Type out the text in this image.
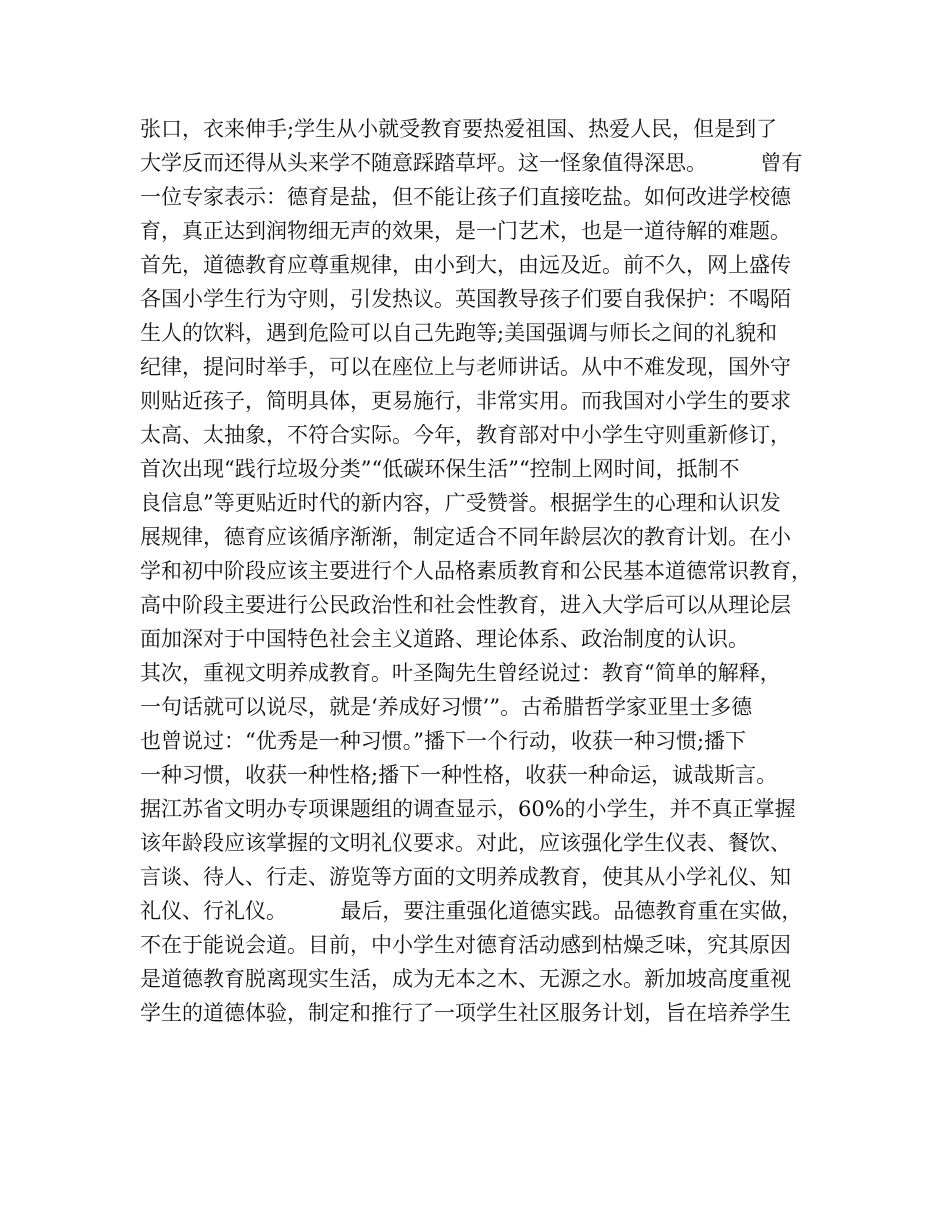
张口，衣来伸手;学生从小就受教育要热爱祖国、热爱人民，但是到了
大学反而还得从头来学不随意踩踏草坪。这一怪象值得深思。        曾有
一位专家表示：德育是盐，但不能让孩子们直接吃盐。如何改进学校德
育，真正达到润物细无声的效果，是一门艺术，也是一道待解的难题。
首先，道德教育应尊重规律，由小到大，由远及近。前不久，网上盛传
各国小学生行为守则，引发热议。英国教导孩子们要自我保护：不喝陌
生人的饮料，遇到危险可以自己先跑等;美国强调与师长之间的礼貌和
纪律，提问时举手，可以在座位上与老师讲话。从中不难发现，国外守
则贴近孩子，简明具体，更易施行，非常实用。而我国对小学生的要求
太高、太抽象，不符合实际。今年，教育部对中小学生守则重新修订，
首次出现“践行垃圾分类”“低碳环保生活”“控制上网时间，抵制不
良信息”等更贴近时代的新内容，广受赞誉。根据学生的心理和认识发
展规律，德育应该循序渐渐，制定适合不同年龄层次的教育计划。在小
学和初中阶段应该主要进行个人品格素质教育和公民基本道德常识教育，
高中阶段主要进行公民政治性和社会性教育，进入大学后可以从理论层
面加深对于中国特色社会主义道路、理论体系、政治制度的认识。
其次，重视文明养成教育。叶圣陶先生曾经说过：教育“简单的解释，
一句话就可以说尽，就是‘养成好习惯’”。古希腊哲学家亚里士多德
也曾说过：“优秀是一种习惯。”播下一个行动，收获一种习惯;播下
一种习惯，收获一种性格;播下一种性格，收获一种命运，诚哉斯言。
据江苏省文明办专项课题组的调查显示，60%的小学生，并不真正掌握
该年龄段应该掌握的文明礼仪要求。对此，应该强化学生仪表、餐饮、
言谈、待人、行走、游览等方面的文明养成教育，使其从小学礼仪、知
礼仪、行礼仪。        最后，要注重强化道德实践。品德教育重在实做，
不在于能说会道。目前，中小学生对德育活动感到枯燥乏味，究其原因
是道德教育脱离现实生活，成为无本之木、无源之水。新加坡高度重视
学生的道德体验，制定和推行了一项学生社区服务计划，旨在培养学生
